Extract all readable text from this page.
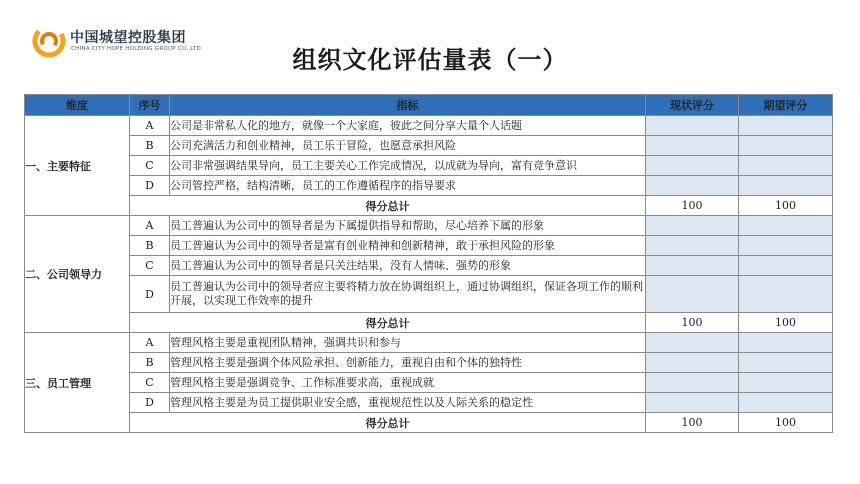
中国城望控股集团
CHINA CITY HOPE HOLDING GROUP CO.,LTD	组织文化评估量表（一）
维度	序号	指标	现状评分	期望评分
一、主要特征	A	公司是非常私人化的地方，就像一个大家庭，彼此之间分享大量个人话题		
	B	公司充满活力和创业精神，员工乐于冒险，也愿意承担风险		
	C	公司非常强调结果导向，员工主要关心工作完成情况，以成就为导向，富有竞争意识		
	D	公司管控严格，结构清晰，员工的工作遵循程序的指导要求		
	得分总计		100	100
二、公司领导力	A	员工普遍认为公司中的领导者是为下属提供指导和帮助，尽心培养下属的形象		
	B	员工普遍认为公司中的领导者是富有创业精神和创新精神，敢于承担风险的形象		
	C	员工普遍认为公司中的领导者是只关注结果，没有人情味、强势的形象		
	D	员工普遍认为公司中的领导者应主要将精力放在协调组织上，通过协调组织，保证各项工作的顺利开展，以实现工作效率的提升		
	得分总计		100	100
三、员工管理	A	管理风格主要是重视团队精神，强调共识和参与		
	B	管理风格主要是强调个体风险承担、创新能力，重视自由和个体的独特性		
	C	管理风格主要是强调竞争、工作标准要求高，重视成就		
	D	管理风格主要是为员工提供职业安全感，重视规范性以及人际关系的稳定性		
	得分总计		100	100
